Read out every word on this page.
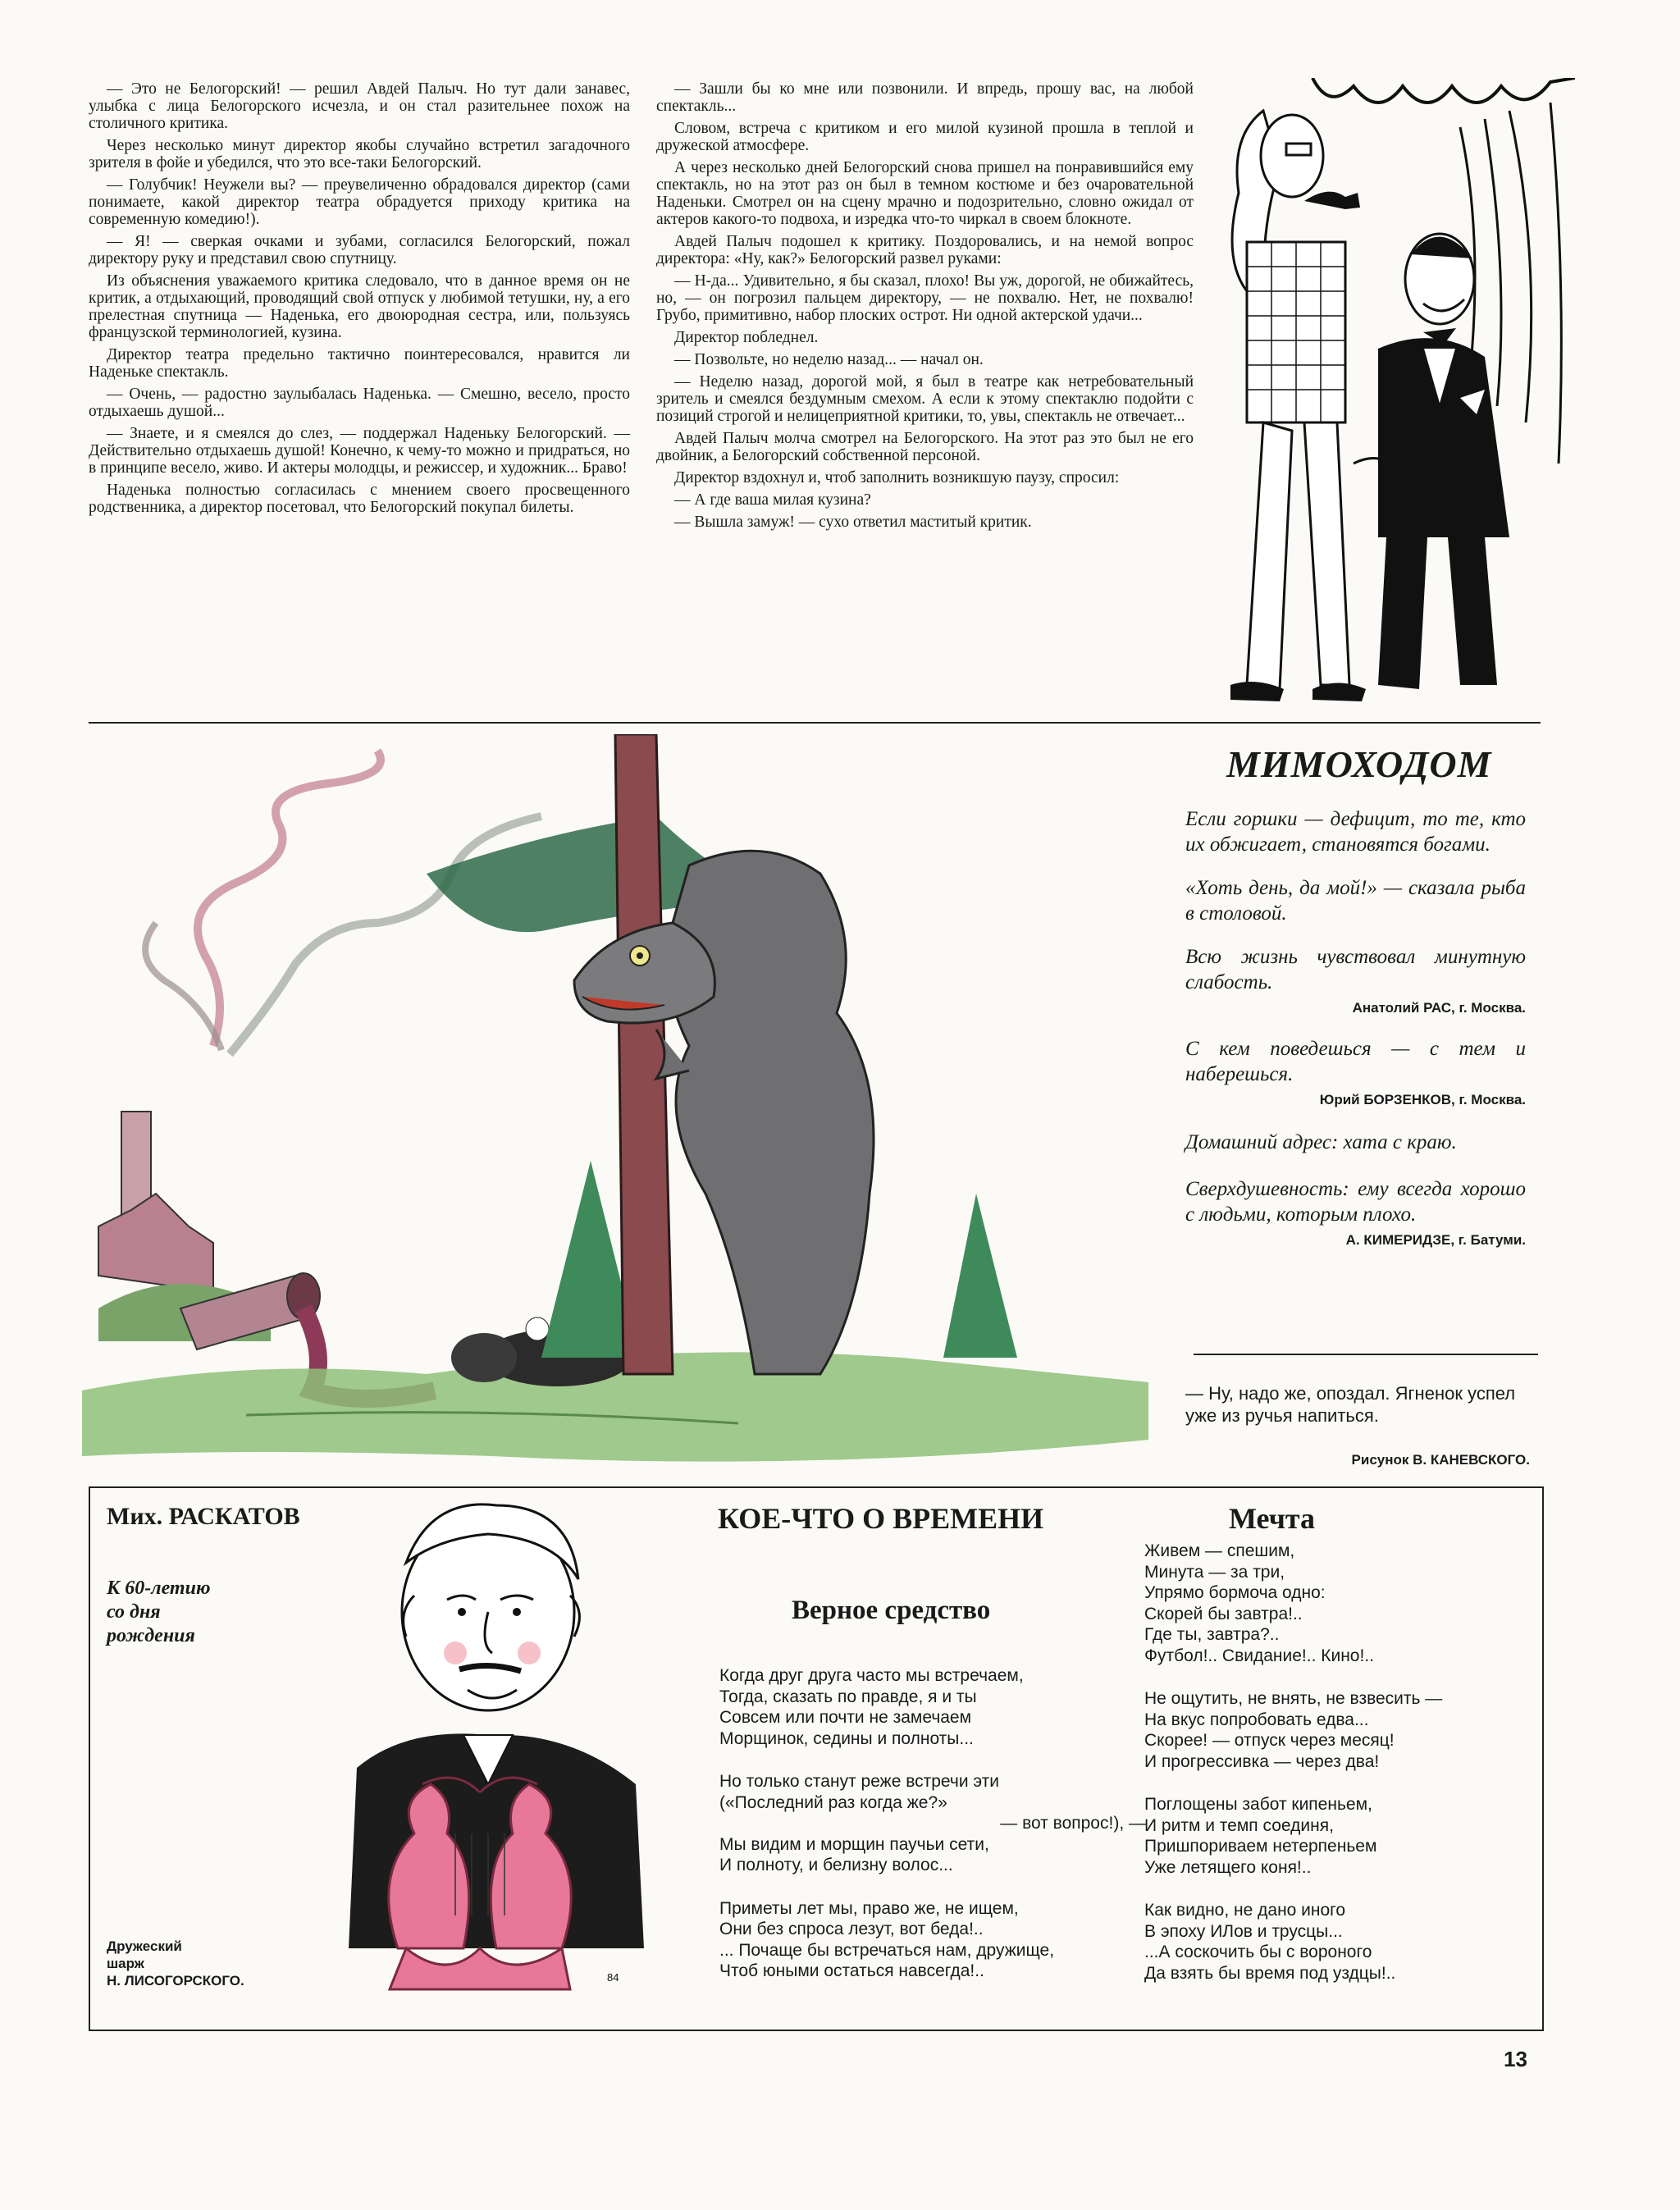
— Это не Белогорский! — решил Авдей Палыч. Но тут дали занавес, улыбка с лица Белогорского исчезла, и он стал разительнее похож на столичного критика.

Через несколько минут директор якобы случайно встретил загадочного зрителя в фойе и убедился, что это все-таки Белогорский.

— Голубчик! Неужели вы? — преувеличенно обрадовался директор (сами понимаете, какой директор театра обрадуется приходу критика на современную комедию!).

— Я! — сверкая очками и зубами, согласился Белогорский, пожал директору руку и представил свою спутницу.

Из объяснения уважаемого критика следовало, что в данное время он не критик, а отдыхающий, проводящий свой отпуск у любимой тетушки, ну, а его прелестная спутница — Наденька, его двоюродная сестра, или, пользуясь французской терминологией, кузина.

Директор театра предельно тактично поинтересовался, нравится ли Наденьке спектакль.

— Очень, — радостно заулыбалась Наденька. — Смешно, весело, просто отдыхаешь душой...

— Знаете, и я смеялся до слез, — поддержал Наденьку Белогорский. — Действительно отдыхаешь душой! Конечно, к чему-то можно и придраться, но в принципе весело, живо. И актеры молодцы, и режиссер, и художник... Браво!

Наденька полностью согласилась с мнением своего просвещенного родственника, а директор посетовал, что Белогорский покупал билеты.

— Зашли бы ко мне или позвонили. И впредь, прошу вас, на любой спектакль...

Словом, встреча с критиком и его милой кузиной прошла в теплой и дружеской атмосфере.

А через несколько дней Белогорский снова пришел на понравившийся ему спектакль, но на этот раз он был в темном костюме и без очаровательной Наденьки. Смотрел он на сцену мрачно и подозрительно, словно ожидал от актеров какого-то подвоха, и изредка что-то чиркал в своем блокноте.

Авдей Палыч подошел к критику. Поздоровались, и на немой вопрос директора: «Ну, как?» Белогорский развел руками:

— Н-да... Удивительно, я бы сказал, плохо! Вы уж, дорогой, не обижайтесь, но, — он погрозил пальцем директору, — не похвалю. Нет, не похвалю! Грубо, примитивно, набор плоских острот. Ни одной актерской удачи...

Директор побледнел.

— Позвольте, но неделю назад... — начал он.

— Неделю назад, дорогой мой, я был в театре как нетребовательный зритель и смеялся бездумным смехом. А если к этому спектаклю подойти с позиций строгой и нелицеприятной критики, то, увы, спектакль не отвечает...

Авдей Палыч молча смотрел на Белогорского. На этот раз это был не его двойник, а Белогорский собственной персоной.

Директор вздохнул и, чтоб заполнить возникшую паузу, спросил:

— А где ваша милая кузина?

— Вышла замуж! — сухо ответил маститый критик.

МИМОХОДОМ

Если горшки — дефицит, то те, кто их обжигает, становятся богами.

«Хоть день, да мой!» — сказала рыба в столовой.

Всю жизнь чувствовал минутную слабость.

Анатолий РАС, г. Москва.

С кем поведешься — с тем и наберешься.

Юрий БОРЗЕНКОВ, г. Москва.

Домашний адрес: хата с краю.

Сверхдушевность: ему всегда хорошо с людьми, которым плохо.

А. КИМЕРИДЗЕ, г. Батуми.

— Ну, надо же, опоздал. Ягненок успел уже из ручья напиться.
Рисунок В. КАНЕВСКОГО.
Мих. РАСКАТОВ
К 60-летию
со дня
рождения
Дружеский
шарж
Н. ЛИСОГОРСКОГО.	84
КОЕ-ЧТО О ВРЕМЕНИ
Верное средство
Когда друг друга часто мы встречаем,
Тогда, сказать по правде, я и ты
Совсем или почти не замечаем
Морщинок, седины и полноты...
Но только станут реже встречи эти
(«Последний раз когда же?»
— вот вопрос!), —
Мы видим и морщин паучьи сети,
И полноту, и белизну волос...
Приметы лет мы, право же, не ищем,
Они без спроса лезут, вот беда!..
... Почаще бы встречаться нам, дружище,
Чтоб юными остаться навсегда!..
Мечта
Живем — спешим,
Минута — за три,
Упрямо бормоча одно:
Скорей бы завтра!..
Где ты, завтра?..
Футбол!.. Свидание!.. Кино!..
Не ощутить, не внять, не взвесить —
На вкус попробовать едва...
Скорее! — отпуск через месяц!
И прогрессивка — через два!
Поглощены забот кипеньем,
И ритм и темп соединя,
Пришпориваем нетерпеньем
Уже летящего коня!..
Как видно, не дано иного
В эпоху ИЛов и трусцы...
...А соскочить бы с вороного
Да взять бы время под уздцы!..
13
